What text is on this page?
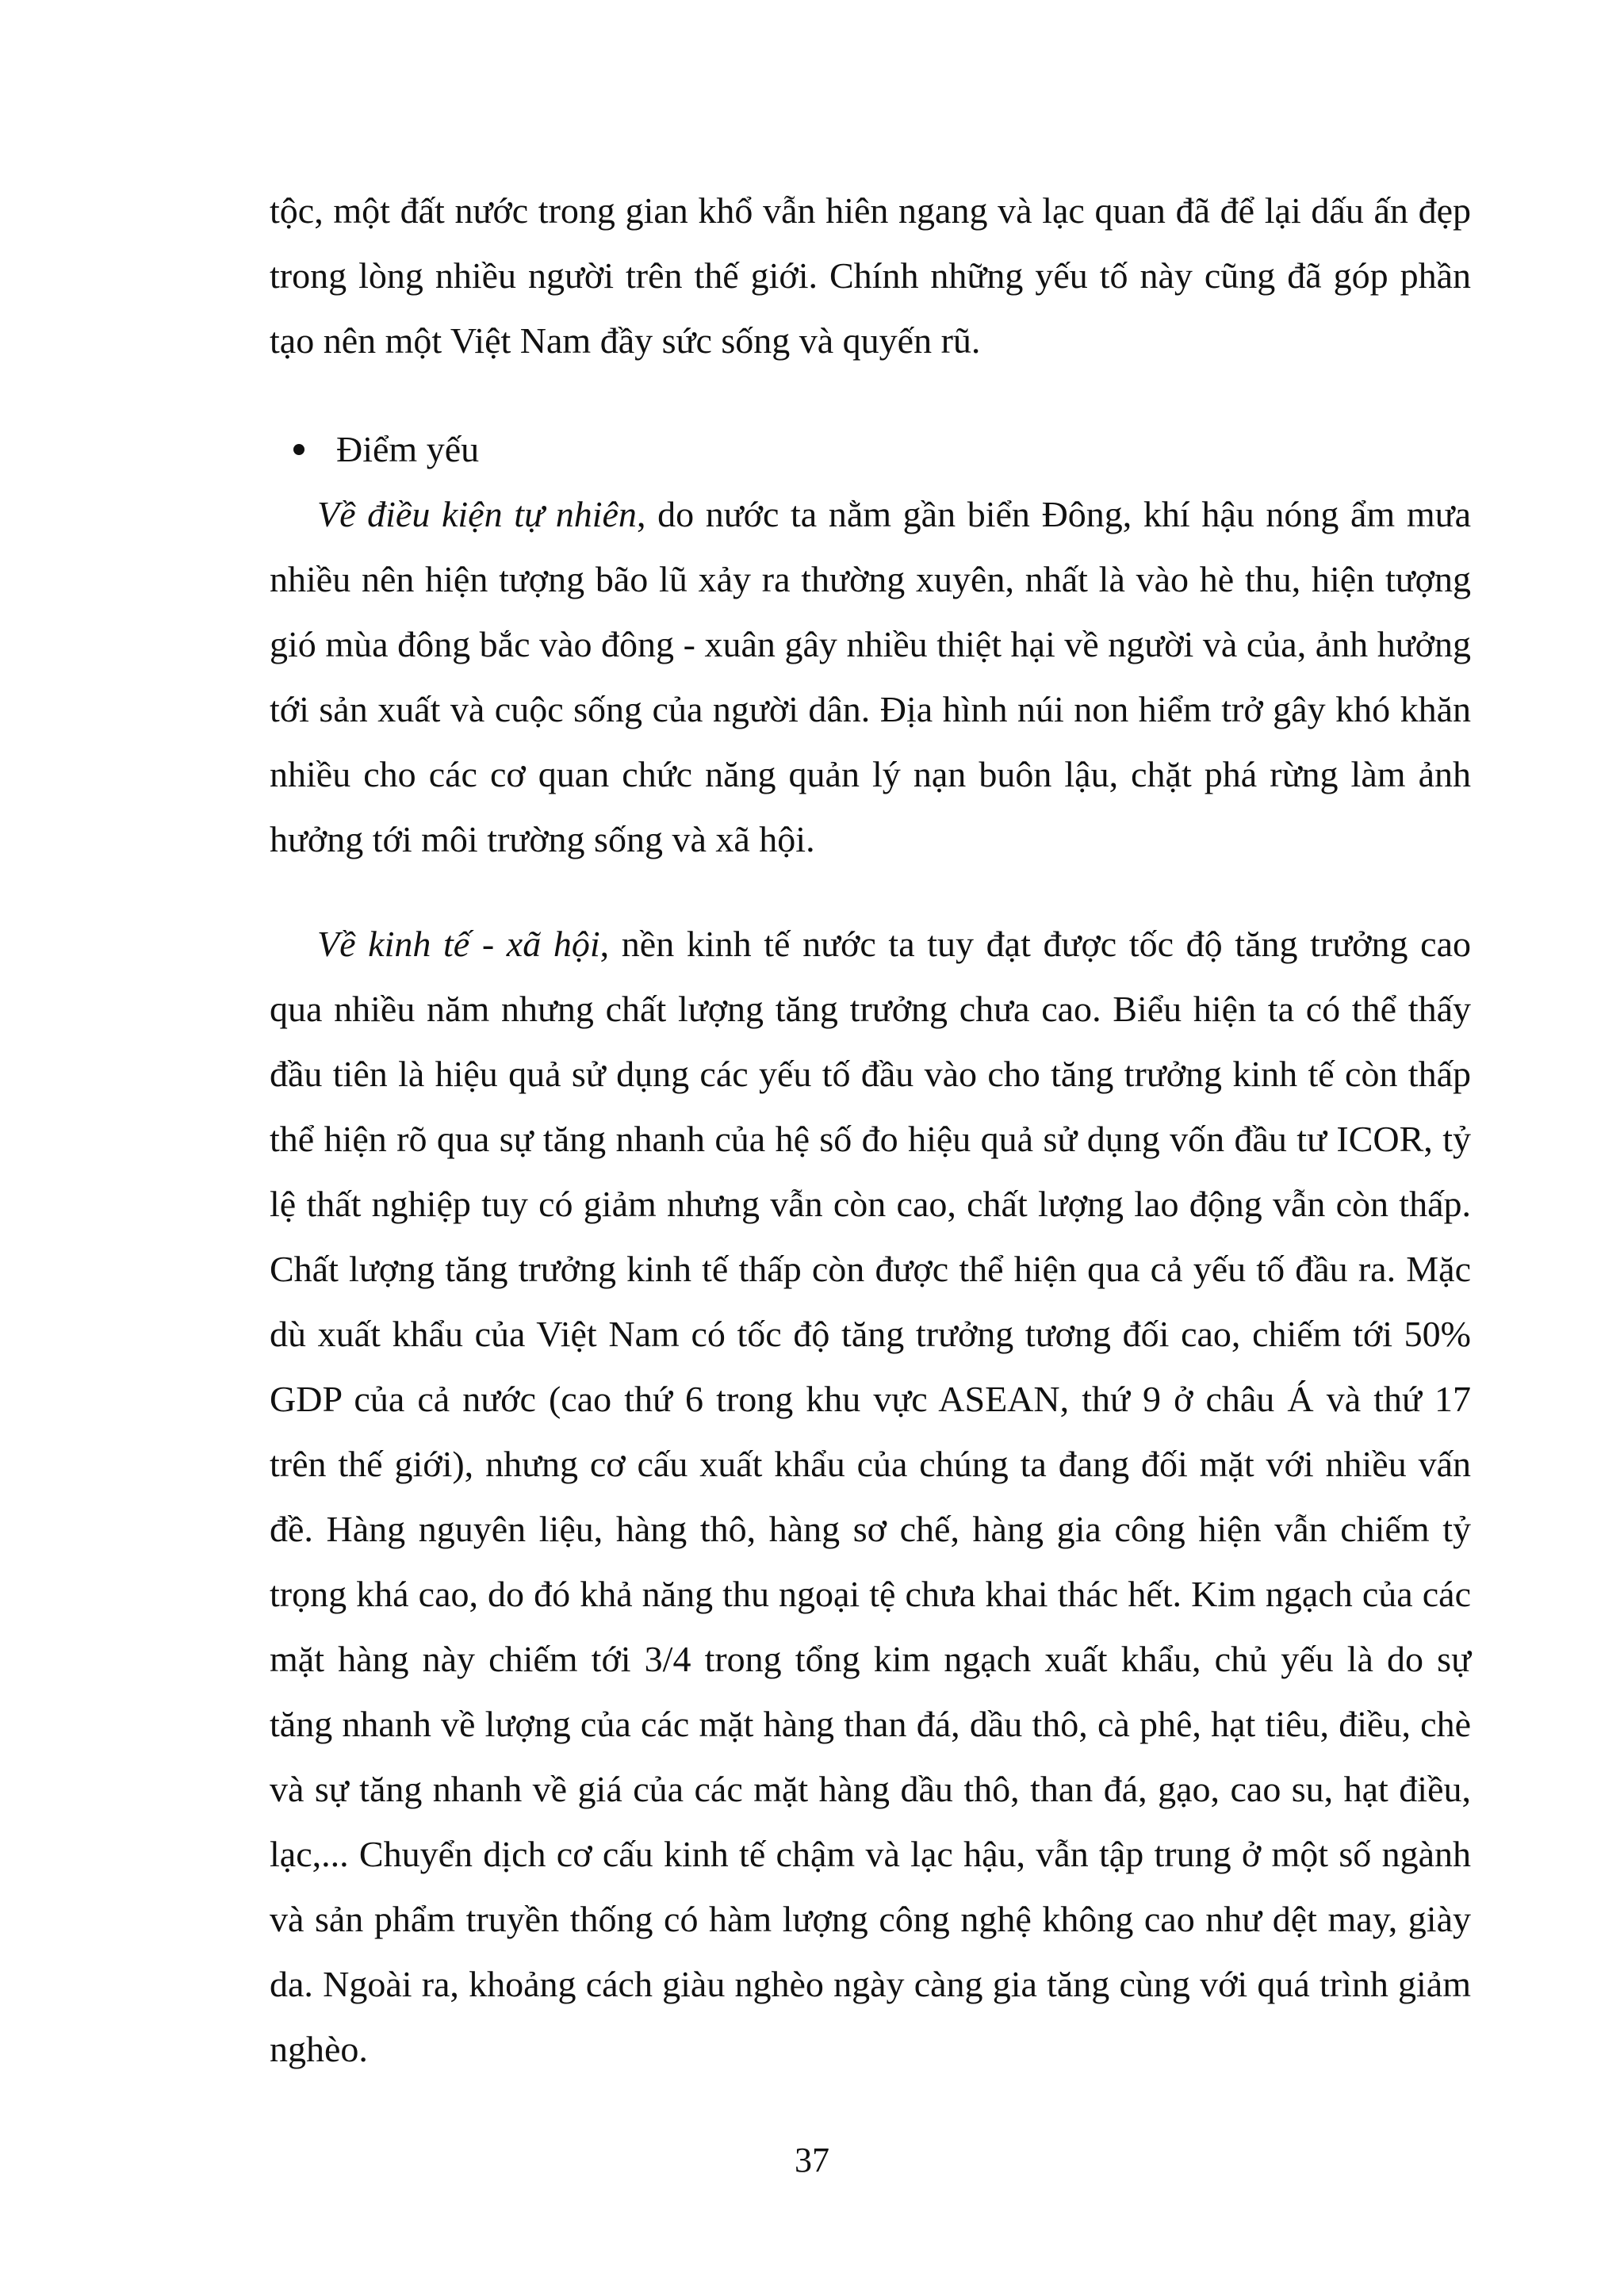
tộc, một đất nước trong gian khổ vẫn hiên ngang và lạc quan đã để lại dấu ấn đẹp trong lòng nhiều người trên thế giới. Chính những yếu tố này cũng đã góp phần tạo nên một Việt Nam đầy sức sống và quyến rũ.

Điểm yếu

Về điều kiện tự nhiên, do nước ta nằm gần biển Đông, khí hậu nóng ẩm mưa nhiều nên hiện tượng bão lũ xảy ra thường xuyên, nhất là vào hè thu, hiện tượng gió mùa đông bắc vào đông - xuân gây nhiều thiệt hại về người và của, ảnh hưởng tới sản xuất và cuộc sống của người dân. Địa hình núi non hiểm trở gây khó khăn nhiều cho các cơ quan chức năng quản lý nạn buôn lậu, chặt phá rừng làm ảnh hưởng tới môi trường sống và xã hội.

Về kinh tế - xã hội, nền kinh tế nước ta tuy đạt được tốc độ tăng trưởng cao qua nhiều năm nhưng chất lượng tăng trưởng chưa cao. Biểu hiện ta có thể thấy đầu tiên là hiệu quả sử dụng các yếu tố đầu vào cho tăng trưởng kinh tế còn thấp thể hiện rõ qua sự tăng nhanh của hệ số đo hiệu quả sử dụng vốn đầu tư ICOR, tỷ lệ thất nghiệp tuy có giảm nhưng vẫn còn cao, chất lượng lao động vẫn còn thấp. Chất lượng tăng trưởng kinh tế thấp còn được thể hiện qua cả yếu tố đầu ra. Mặc dù xuất khẩu của Việt Nam có tốc độ tăng trưởng tương đối cao, chiếm tới 50% GDP của cả nước (cao thứ 6 trong khu vực ASEAN, thứ 9 ở châu Á và thứ 17 trên thế giới), nhưng cơ cấu xuất khẩu của chúng ta đang đối mặt với nhiều vấn đề. Hàng nguyên liệu, hàng thô, hàng sơ chế, hàng gia công hiện vẫn chiếm tỷ trọng khá cao, do đó khả năng thu ngoại tệ chưa khai thác hết. Kim ngạch của các mặt hàng này chiếm tới 3/4 trong tổng kim ngạch xuất khẩu, chủ yếu là do sự tăng nhanh về lượng của các mặt hàng than đá, dầu thô, cà phê, hạt tiêu, điều, chè và sự tăng nhanh về giá của các mặt hàng dầu thô, than đá, gạo, cao su, hạt điều, lạc,... Chuyển dịch cơ cấu kinh tế chậm và lạc hậu, vẫn tập trung ở một số ngành và sản phẩm truyền thống có hàm lượng công nghệ không cao như dệt may, giày da. Ngoài ra, khoảng cách giàu nghèo ngày càng gia tăng cùng với quá trình giảm nghèo.

37
